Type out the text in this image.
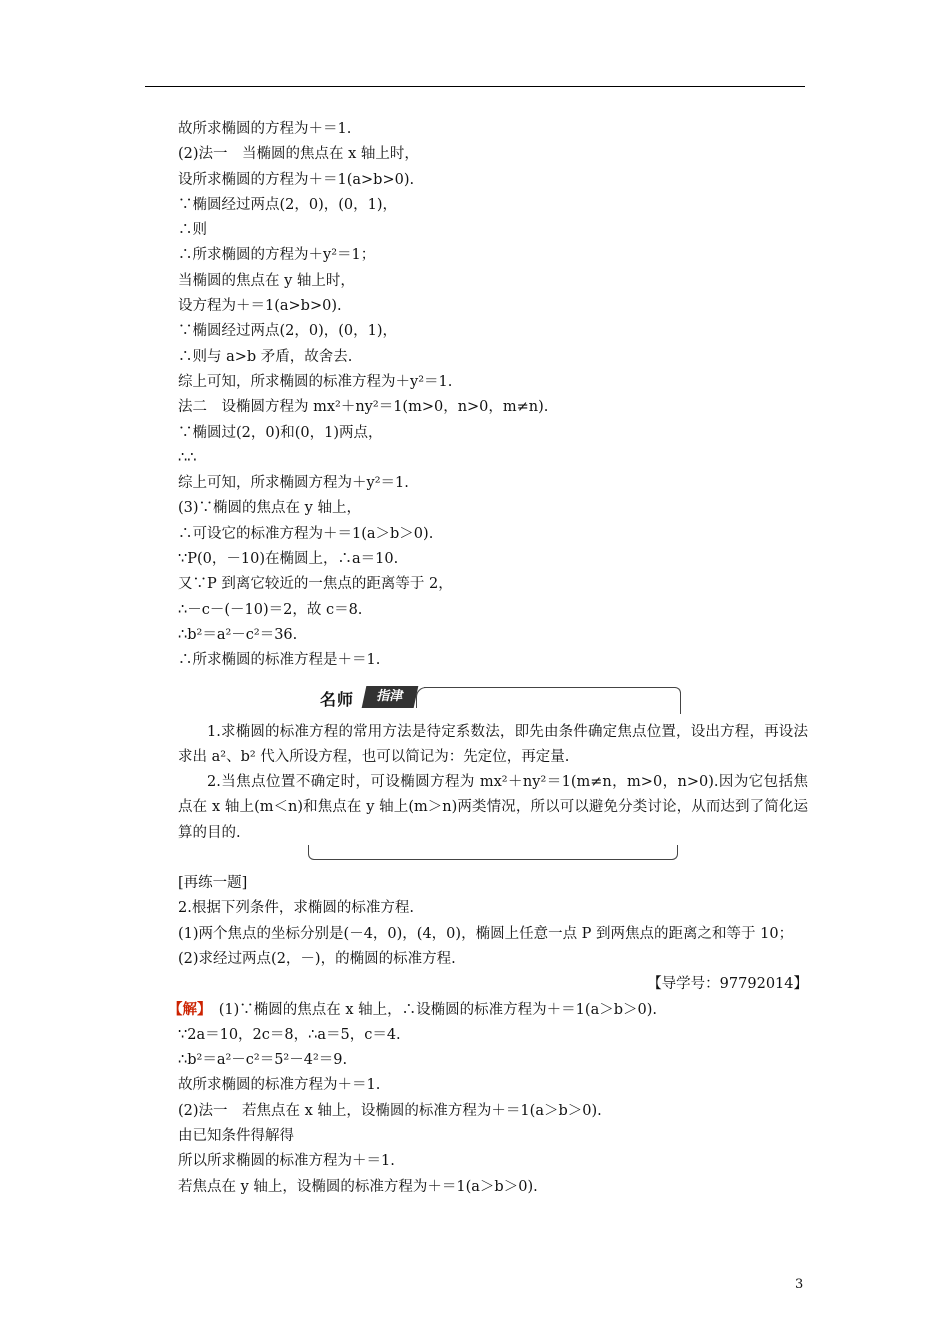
故所求椭圆的方程为＋＝1.
(2)法一　当椭圆的焦点在 x 轴上时，
设所求椭圆的方程为＋＝1(a>b>0).
∵椭圆经过两点(2，0)，(0，1)，
∴则
∴所求椭圆的方程为＋y²＝1；
当椭圆的焦点在 y 轴上时，
设方程为＋＝1(a>b>0).
∵椭圆经过两点(2，0)，(0，1)，
∴则与 a>b 矛盾，故舍去.
综上可知，所求椭圆的标准方程为＋y²＝1.
法二　设椭圆方程为 mx²＋ny²＝1(m>0，n>0，m≠n).
∵椭圆过(2，0)和(0，1)两点，
∴∴
综上可知，所求椭圆方程为＋y²＝1.
(3)∵椭圆的焦点在 y 轴上，
∴可设它的标准方程为＋＝1(a＞b＞0).
∵P(0，－10)在椭圆上，∴a＝10.
又∵P 到离它较近的一焦点的距离等于 2，
∴－c－(－10)＝2，故 c＝8.
∴b²＝a²－c²＝36.
∴所求椭圆的标准方程是＋＝1.
名师	指津
1.求椭圆的标准方程的常用方法是待定系数法，即先由条件确定焦点位置，设出方程，再设法求出 a²、b² 代入所设方程，也可以简记为：先定位，再定量.
2.当焦点位置不确定时，可设椭圆方程为 mx²＋ny²＝1(m≠n，m>0，n>0).因为它包括焦点在 x 轴上(m＜n)和焦点在 y 轴上(m＞n)两类情况，所以可以避免分类讨论，从而达到了简化运算的目的.
[再练一题]
2.根据下列条件，求椭圆的标准方程.
(1)两个焦点的坐标分别是(－4，0)，(4，0)，椭圆上任意一点 P 到两焦点的距离之和等于 10；
(2)求经过两点(2，－)，的椭圆的标准方程.
【导学号：97792014】
【解】　(1)∵椭圆的焦点在 x 轴上，∴设椭圆的标准方程为＋＝1(a＞b＞0).
∵2a＝10，2c＝8，∴a＝5，c＝4.
∴b²＝a²－c²＝5²－4²＝9.
故所求椭圆的标准方程为＋＝1.
(2)法一　若焦点在 x 轴上，设椭圆的标准方程为＋＝1(a＞b＞0).
由已知条件得解得
所以所求椭圆的标准方程为＋＝1.
若焦点在 y 轴上，设椭圆的标准方程为＋＝1(a＞b＞0).
3
